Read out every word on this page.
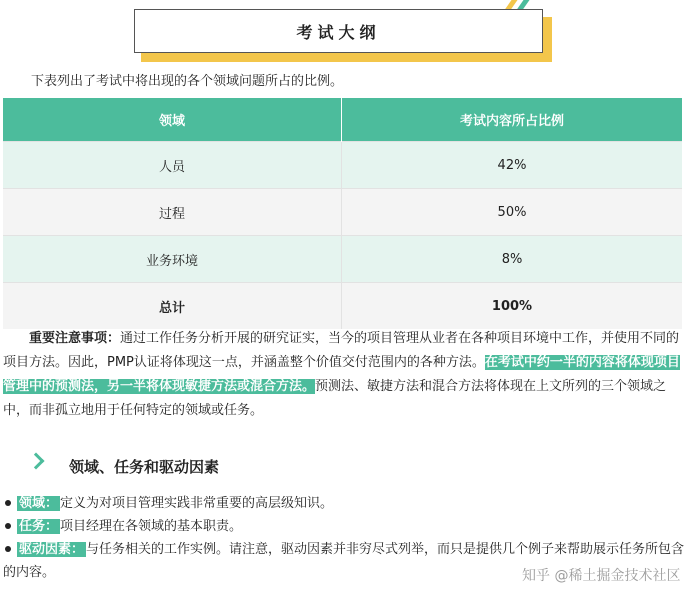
考试大纲
下表列出了考试中将出现的各个领域问题所占的比例。
领域	考试内容所占比例
人员	42%
过程	50%
业务环境	8%
总计	100%
重要注意事项：通过工作任务分析开展的研究证实，当今的项目管理从业者在各种项目环境中工作，并使用不同的项目方法。因此，PMP认证将体现这一点，并涵盖整个价值交付范围内的各种方法。在考试中约一半的内容将体现项目管理中的预测法，另一半将体现敏捷方法或混合方法。预测法、敏捷方法和混合方法将体现在上文所列的三个领域之中，而非孤立地用于任何特定的领域或任务。
领域、任务和驱动因素
领域： 定义为对项目管理实践非常重要的高层级知识。
任务： 项目经理在各领域的基本职责。
驱动因素： 与任务相关的工作实例。请注意，驱动因素并非穷尽式列举，而只是提供几个例子来帮助展示任务所包含的内容。	知乎 @稀土掘金技术社区
